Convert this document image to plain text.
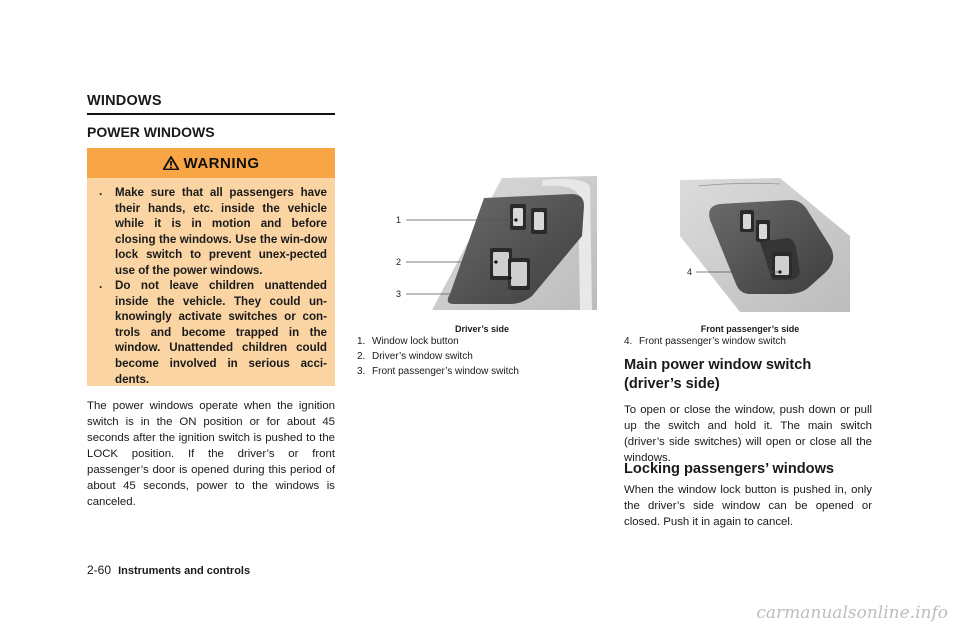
WINDOWS
POWER WINDOWS
WARNING
. Make sure that all passengers have their hands, etc. inside the vehicle while it is in motion and before closing the windows. Use the win-dow lock switch to prevent unex-pected use of the power windows.
. Do not leave children unattended inside the vehicle. They could un-knowingly activate switches or con-trols and become trapped in the window. Unattended children could become involved in serious acci-dents.
The power windows operate when the ignition switch is in the ON position or for about 45 seconds after the ignition switch is pushed to the LOCK position. If the driver’s or front passenger’s door is opened during this period of about 45 seconds, power to the windows is canceled.
1
2
3
Driver’s side
1. Window lock button
2. Driver’s window switch
3. Front passenger’s window switch
4
Front passenger’s side
4. Front passenger’s window switch
Main power window switch (driver’s side)
To open or close the window, push down or pull up the switch and hold it. The main switch (driver’s side switches) will open or close all the windows.
Locking passengers’ windows
When the window lock button is pushed in, only the driver’s side window can be opened or closed. Push it in again to cancel.
2-60 Instruments and controls
carmanualsonline.info
